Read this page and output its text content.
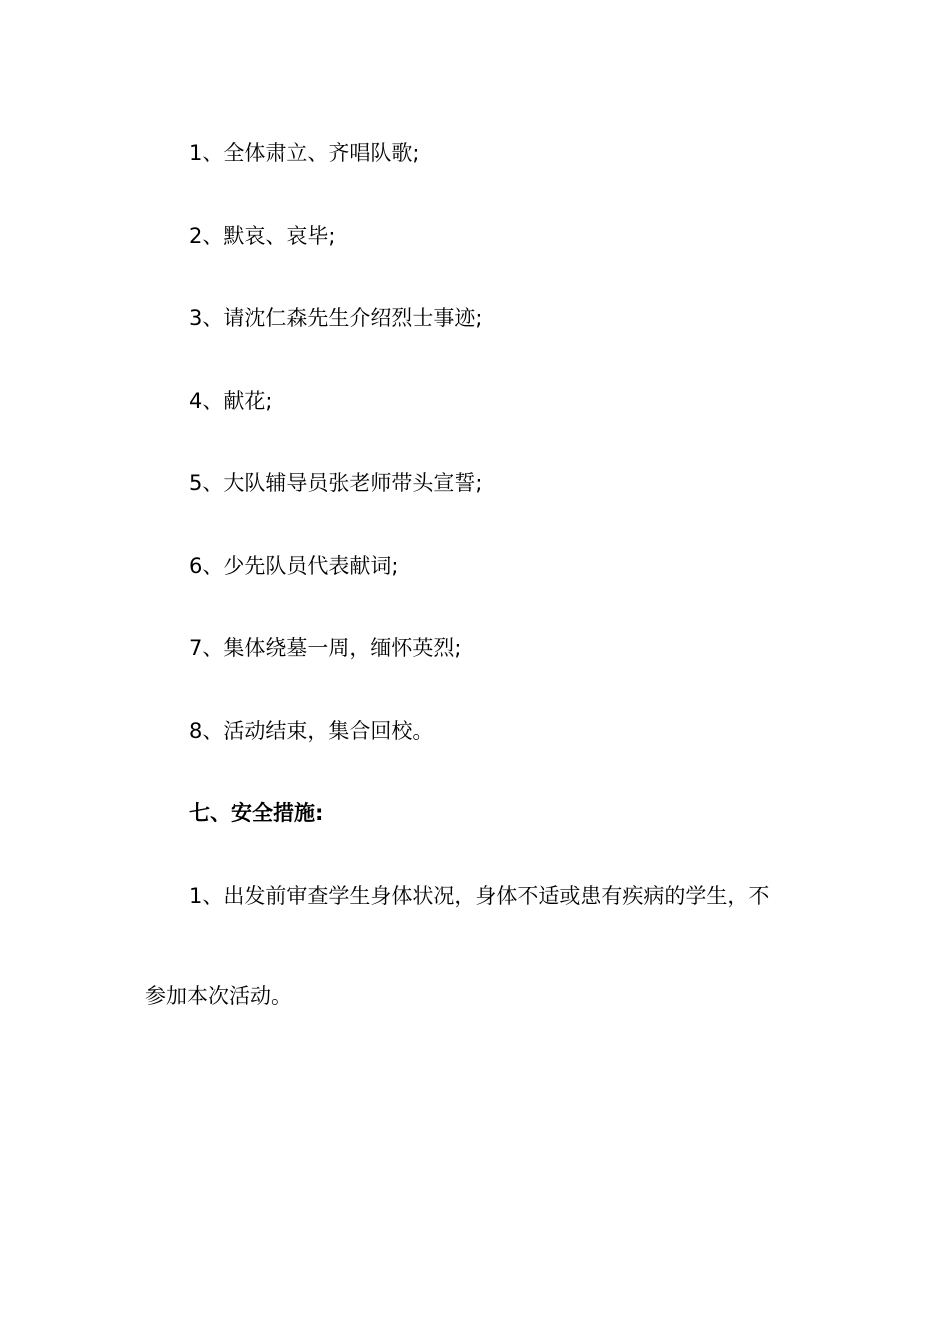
1、全体肃立、齐唱队歌;

2、默哀、哀毕;

3、请沈仁森先生介绍烈士事迹;

4、献花;

5、大队辅导员张老师带头宣誓;

6、少先队员代表献词;

7、集体绕墓一周，缅怀英烈;

8、活动结束，集合回校。

七、安全措施:

1、出发前审查学生身体状况，身体不适或患有疾病的学生，不

参加本次活动。
